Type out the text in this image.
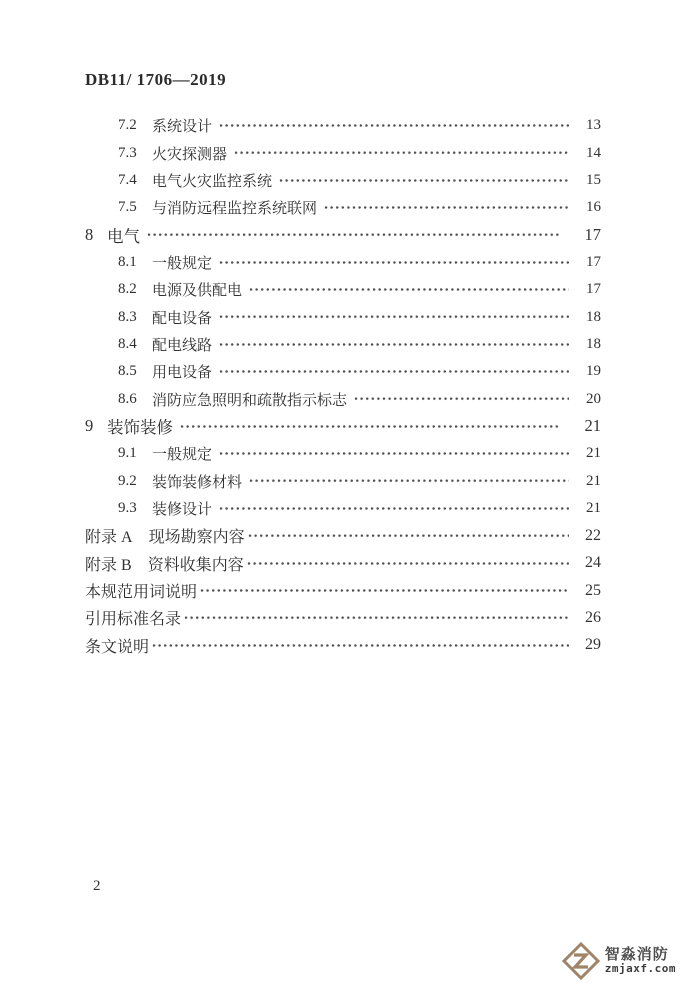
DB11/ 1706—2019
7.2	系统设计	13
7.3	火灾探测器	14
7.4	电气火灾监控系统	15
7.5	与消防远程监控系统联网	16
8 电气	17
8.1	一般规定	17
8.2	电源及供配电	17
8.3	配电设备	18
8.4	配电线路	18
8.5	用电设备	19
8.6	消防应急照明和疏散指示标志	20
9 装饰装修	21
9.1	一般规定	21
9.2	装饰装修材料	21
9.3	装修设计	21
附录 A 现场勘察内容	22
附录 B 资料收集内容	24
本规范用词说明	25
引用标准名录	26
条文说明	29
2
智淼消防
zmjaxf.com
